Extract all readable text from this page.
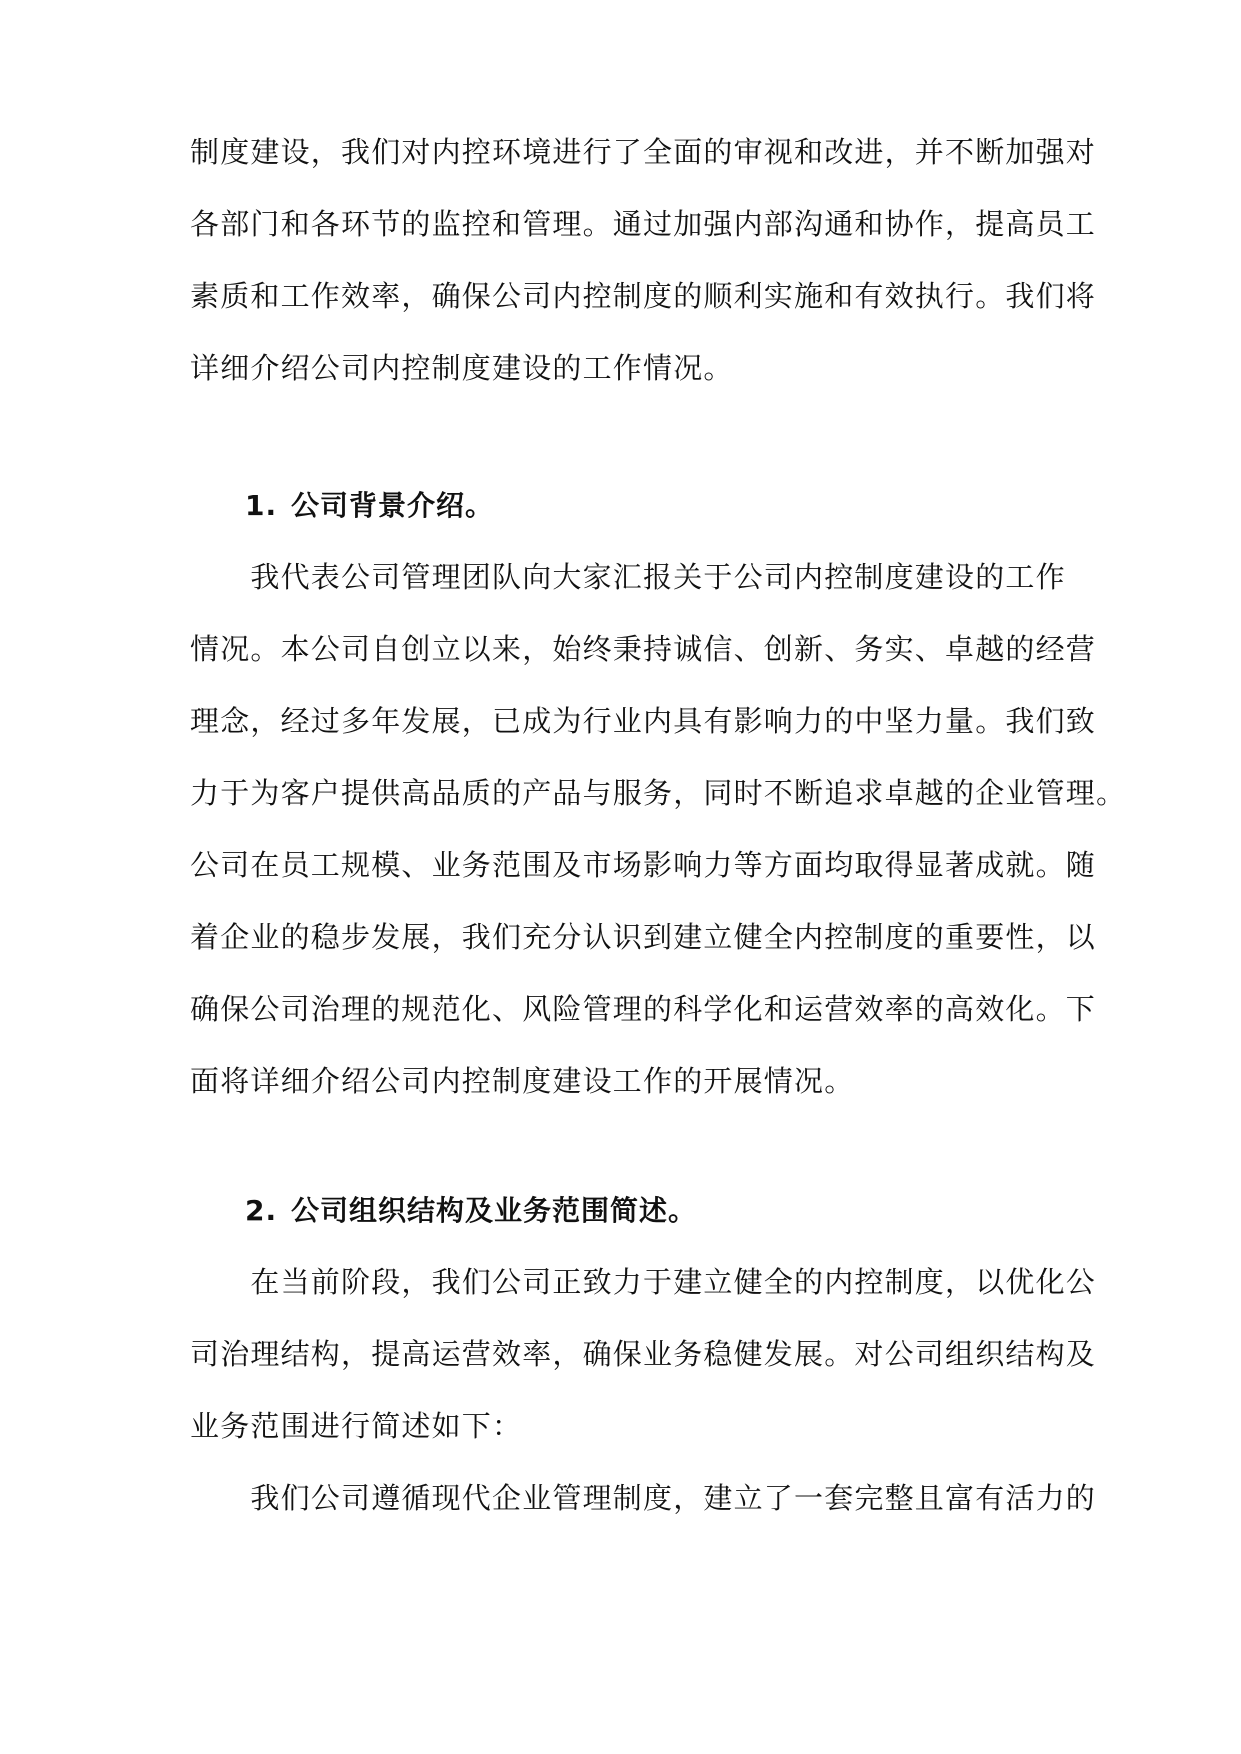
制度建设，我们对内控环境进行了全面的审视和改进，并不断加强对
各部门和各环节的监控和管理。通过加强内部沟通和协作，提高员工
素质和工作效率，确保公司内控制度的顺利实施和有效执行。我们将
详细介绍公司内控制度建设的工作情况。
1. 公司背景介绍。
　　我代表公司管理团队向大家汇报关于公司内控制度建设的工作
情况。本公司自创立以来，始终秉持诚信、创新、务实、卓越的经营
理念，经过多年发展，已成为行业内具有影响力的中坚力量。我们致
力于为客户提供高品质的产品与服务，同时不断追求卓越的企业管理。
公司在员工规模、业务范围及市场影响力等方面均取得显著成就。随
着企业的稳步发展，我们充分认识到建立健全内控制度的重要性，以
确保公司治理的规范化、风险管理的科学化和运营效率的高效化。下
面将详细介绍公司内控制度建设工作的开展情况。
2. 公司组织结构及业务范围简述。
　　在当前阶段，我们公司正致力于建立健全的内控制度，以优化公
司治理结构，提高运营效率，确保业务稳健发展。对公司组织结构及
业务范围进行简述如下：
　　我们公司遵循现代企业管理制度，建立了一套完整且富有活力的
